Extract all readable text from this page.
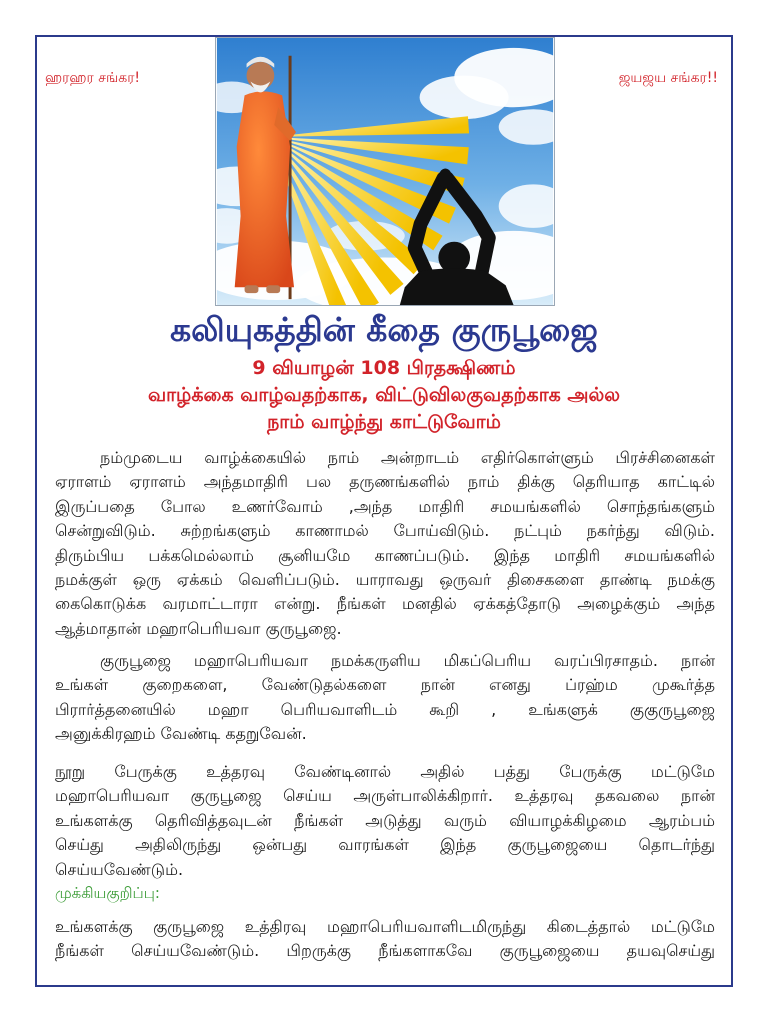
ஹரஹர சங்கர!	ஜயஜய சங்கர!!
கலியுகத்தின் கீதை குருபூஜை
9 வியாழன் 108 பிரதக்ஷிணம்
வாழ்க்கை வாழ்வதற்காக, விட்டுவிலகுவதற்காக அல்ல
நாம் வாழ்ந்து காட்டுவோம்
நம்முடைய வாழ்க்கையில் நாம் அன்றாடம் எதிர்கொள்ளும் பிரச்சினைகள்
ஏராளம் ஏராளம் அந்தமாதிரி பல தருணங்களில் நாம் திக்கு தெரியாத காட்டில்
இருப்பதை போல உணர்வோம் ,அந்த மாதிரி சமயங்களில் சொந்தங்களும்
சென்றுவிடும். சுற்றங்களும் காணாமல் போய்விடும். நட்பும் நகர்ந்து விடும்.
திரும்பிய பக்கமெல்லாம் சூனியமே காணப்படும். இந்த மாதிரி சமயங்களில்
நமக்குள் ஒரு ஏக்கம் வெளிப்படும். யாராவது ஒருவர் திசைகளை தாண்டி நமக்கு
கைகொடுக்க வரமாட்டாரா என்று. நீங்கள் மனதில் ஏக்கத்தோடு அழைக்கும் அந்த
ஆத்மாதான் மஹாபெரியவா குருபூஜை.
குருபூஜை மஹாபெரியவா நமக்கருளிய மிகப்பெரிய வரப்பிரசாதம். நான்
உங்கள் குறைகளை, வேண்டுதல்களை நான் எனது ப்ரஹ்ம முகூர்த்த
பிரார்த்தனையில் மஹா பெரியவாளிடம் கூறி , உங்களுக் குகுருபூஜை
அனுக்கிரஹம் வேண்டி கதறுவேன்.
நூறு பேருக்கு உத்தரவு வேண்டினால் அதில் பத்து பேருக்கு மட்டுமே
மஹாபெரியவா குருபூஜை செய்ய அருள்பாலிக்கிறார். உத்தரவு தகவலை நான்
உங்களக்கு தெரிவித்தவுடன் நீங்கள் அடுத்து வரும் வியாழக்கிழமை ஆரம்பம்
செய்து அதிலிருந்து ஒன்பது வாரங்கள் இந்த குருபூஜையை தொடர்ந்து
செய்யவேண்டும்.
முக்கியகுறிப்பு:
உங்களக்கு குருபூஜை உத்திரவு மஹாபெரியவாளிடமிருந்து கிடைத்தால் மட்டுமே
நீங்கள் செய்யவேண்டும். பிறருக்கு நீங்களாகவே குருபூஜையை தயவுசெய்து
